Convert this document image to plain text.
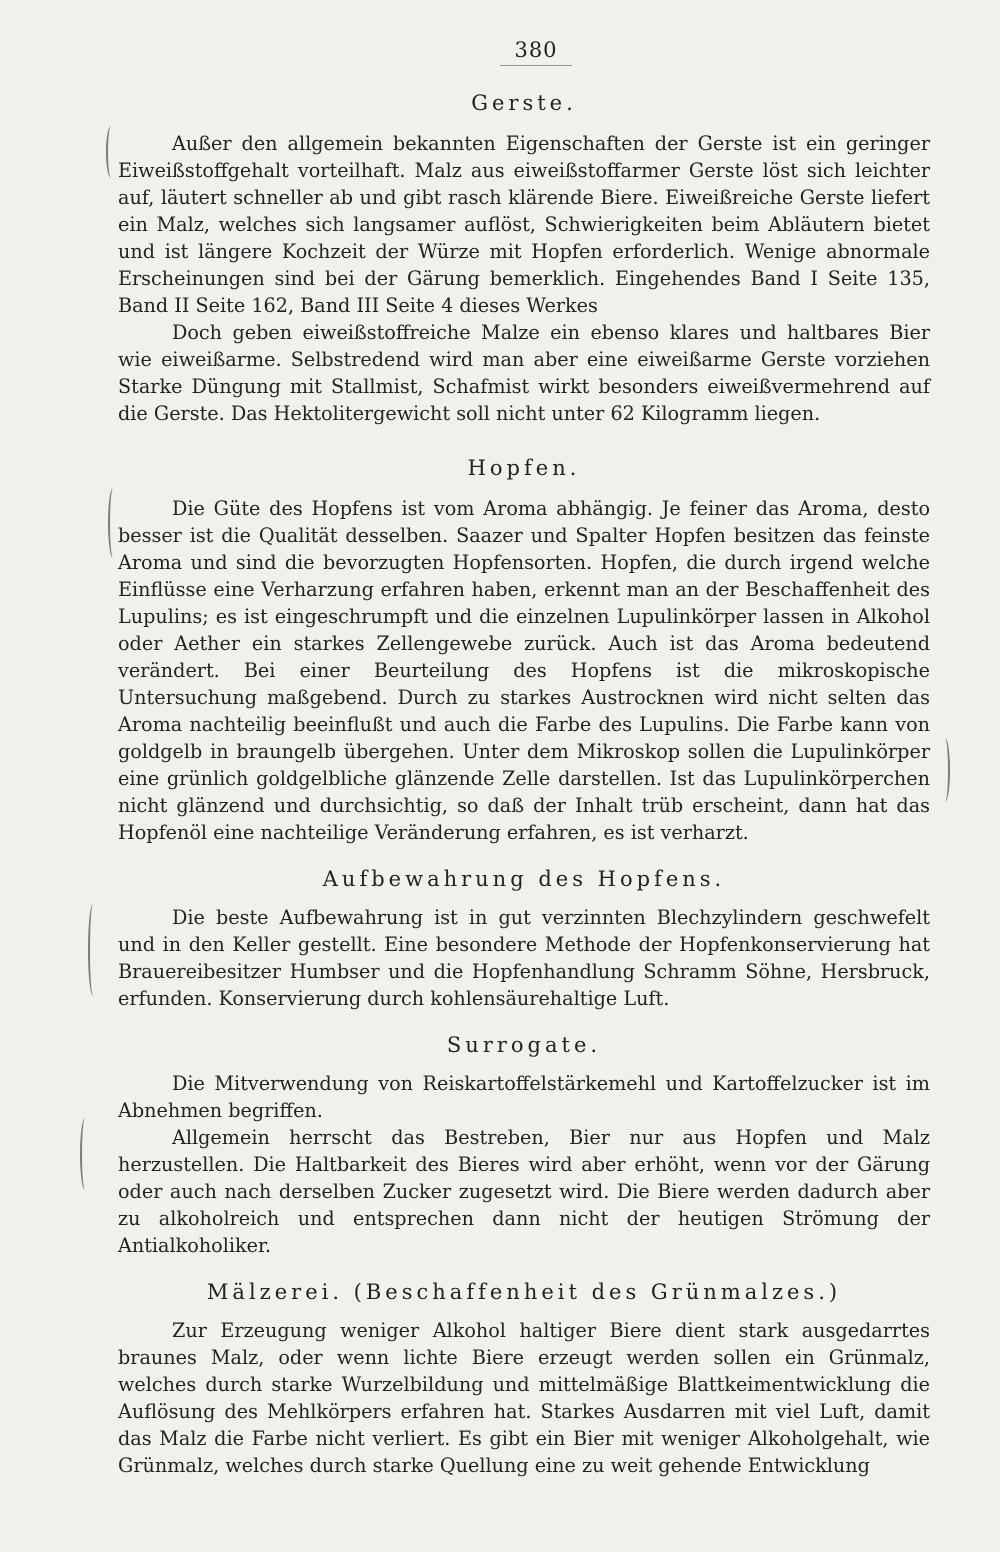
380
Gerste.

Außer den allgemein bekannten Eigenschaften der Gerste ist ein geringer Eiweißstoffgehalt vorteilhaft. Malz aus eiweißstoffarmer Gerste löst sich leichter auf, läutert schneller ab und gibt rasch klärende Biere. Eiweißreiche Gerste liefert ein Malz, welches sich langsamer auflöst, Schwierigkeiten beim Abläutern bietet und ist längere Kochzeit der Würze mit Hopfen erforderlich. Wenige abnormale Erscheinungen sind bei der Gärung bemerklich. Eingehendes Band I Seite 135, Band II Seite 162, Band III Seite 4 dieses Werkes

Doch geben eiweißstoffreiche Malze ein ebenso klares und haltbares Bier wie eiweißarme. Selbstredend wird man aber eine eiweißarme Gerste vorziehen Starke Düngung mit Stallmist, Schafmist wirkt besonders eiweißvermehrend auf die Gerste. Das Hektolitergewicht soll nicht unter 62 Kilogramm liegen.

Hopfen.

Die Güte des Hopfens ist vom Aroma abhängig. Je feiner das Aroma, desto besser ist die Qualität desselben. Saazer und Spalter Hopfen besitzen das feinste Aroma und sind die bevorzugten Hopfensorten. Hopfen, die durch irgend welche Einflüsse eine Verharzung erfahren haben, erkennt man an der Beschaffenheit des Lupulins; es ist eingeschrumpft und die einzelnen Lupulinkörper lassen in Alkohol oder Aether ein starkes Zellengewebe zurück. Auch ist das Aroma bedeutend verändert. Bei einer Beurteilung des Hopfens ist die mikroskopische Untersuchung maßgebend. Durch zu starkes Austrocknen wird nicht selten das Aroma nachteilig beeinflußt und auch die Farbe des Lupulins. Die Farbe kann von goldgelb in braungelb übergehen. Unter dem Mikroskop sollen die Lupulinkörper eine grünlich goldgelbliche glänzende Zelle darstellen. Ist das Lupulinkörperchen nicht glänzend und durchsichtig, so daß der Inhalt trüb erscheint, dann hat das Hopfenöl eine nachteilige Veränderung erfahren, es ist verharzt.

Aufbewahrung des Hopfens.

Die beste Aufbewahrung ist in gut verzinnten Blechzylindern geschwefelt und in den Keller gestellt. Eine besondere Methode der Hopfenkonservierung hat Brauereibesitzer Humbser und die Hopfenhandlung Schramm Söhne, Hersbruck, erfunden. Konservierung durch kohlensäurehaltige Luft.

Surrogate.

Die Mitverwendung von Reiskartoffelstärkemehl und Kartoffelzucker ist im Abnehmen begriffen.

Allgemein herrscht das Bestreben, Bier nur aus Hopfen und Malz herzustellen. Die Haltbarkeit des Bieres wird aber erhöht, wenn vor der Gärung oder auch nach derselben Zucker zugesetzt wird. Die Biere werden dadurch aber zu alkoholreich und entsprechen dann nicht der heutigen Strömung der Antialkoholiker.

Mälzerei. (Beschaffenheit des Grünmalzes.)

Zur Erzeugung weniger Alkohol haltiger Biere dient stark ausgedarrtes braunes Malz, oder wenn lichte Biere erzeugt werden sollen ein Grünmalz, welches durch starke Wurzelbildung und mittelmäßige Blattkeimentwicklung die Auflösung des Mehlkörpers erfahren hat. Starkes Ausdarren mit viel Luft, damit das Malz die Farbe nicht verliert. Es gibt ein Bier mit weniger Alkoholgehalt, wie Grünmalz, welches durch starke Quellung eine zu weit gehende Entwicklung
